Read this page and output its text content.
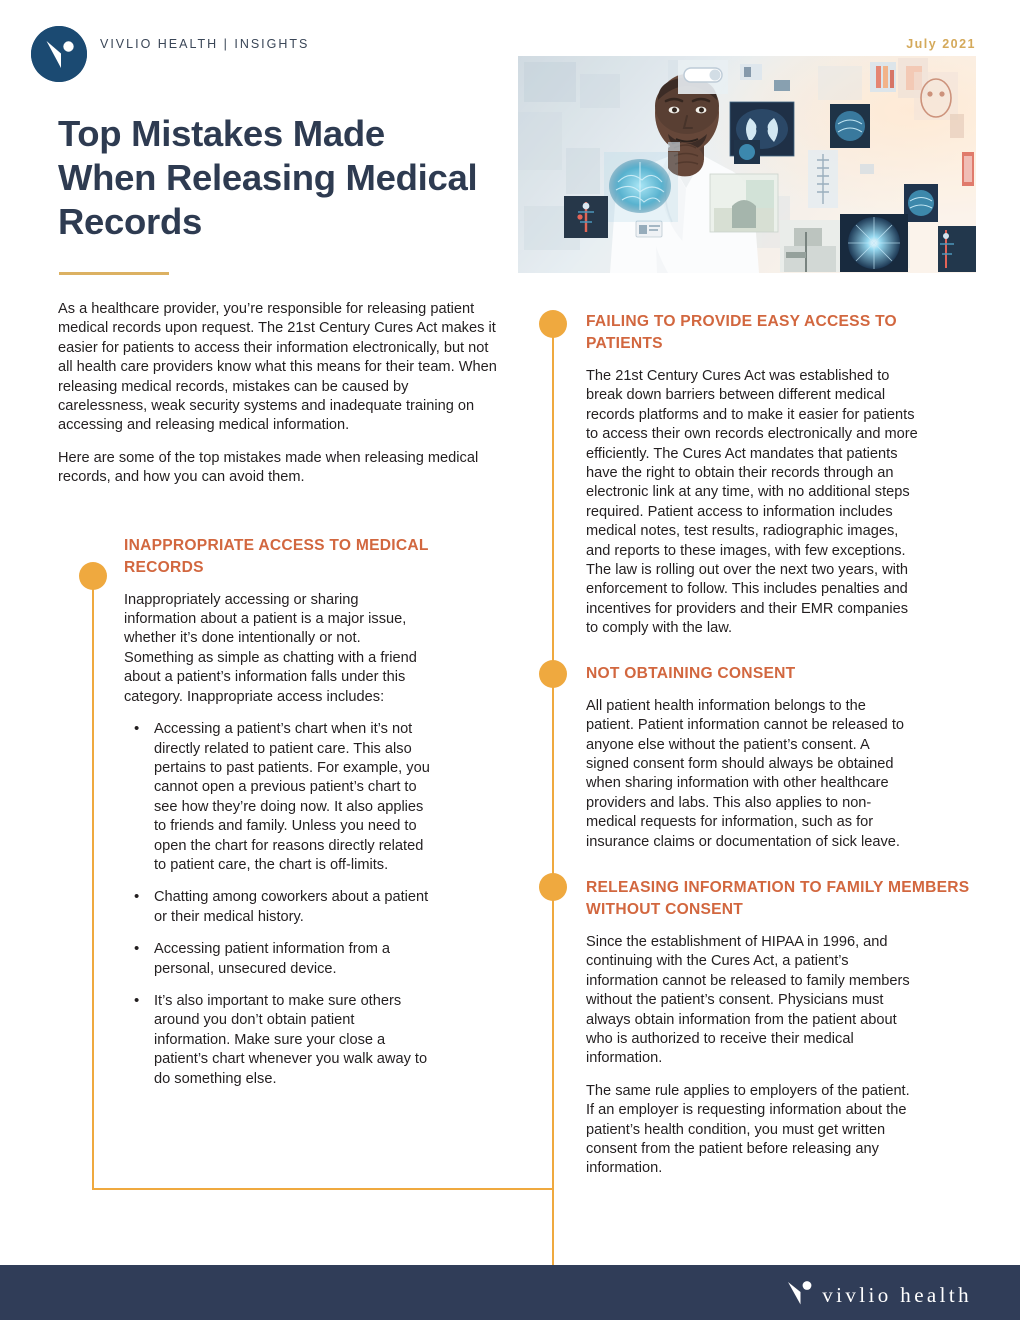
VIVLIO HEALTH | INSIGHTS	July 2021
Top Mistakes Made When Releasing Medical Records

As a healthcare provider, you’re responsible for releasing patient medical records upon request. The 21st Century Cures Act makes it easier for patients to access their information electronically, but not all health care providers know what this means for their team. When releasing medical records, mistakes can be caused by carelessness, weak security systems and inadequate training on accessing and releasing medical information.

Here are some of the top mistakes made when releasing medical records, and how you can avoid them.

INAPPROPRIATE ACCESS TO MEDICAL RECORDS

Inappropriately accessing or sharing information about a patient is a major issue, whether it’s done intentionally or not. Something as simple as chatting with a friend about a patient’s information falls under this category. Inappropriate access includes:

• Accessing a patient’s chart when it’s not directly related to patient care. This also pertains to past patients. For example, you cannot open a previous patient’s chart to see how they’re doing now. It also applies to friends and family. Unless you need to open the chart for reasons directly related to patient care, the chart is off-limits.
• Chatting among coworkers about a patient or their medical history.
• Accessing patient information from a personal, unsecured device.
• It’s also important to make sure others around you don’t obtain patient information. Make sure your close a patient’s chart whenever you walk away to do something else.
FAILING TO PROVIDE EASY ACCESS TO PATIENTS

The 21st Century Cures Act was established to break down barriers between different medical records platforms and to make it easier for patients to access their own records electronically and more efficiently. The Cures Act mandates that patients have the right to obtain their records through an electronic link at any time, with no additional steps required. Patient access to information includes medical notes, test results, radiographic images, and reports to these images, with few exceptions. The law is rolling out over the next two years, with enforcement to follow. This includes penalties and incentives for providers and their EMR companies to comply with the law.

NOT OBTAINING CONSENT

All patient health information belongs to the patient. Patient information cannot be released to anyone else without the patient’s consent. A signed consent form should always be obtained when sharing information with other healthcare providers and labs. This also applies to non-medical requests for information, such as for insurance claims or documentation of sick leave.

RELEASING INFORMATION TO FAMILY MEMBERS WITHOUT CONSENT

Since the establishment of HIPAA in 1996, and continuing with the Cures Act, a patient’s information cannot be released to family members without the patient’s consent. Physicians must always obtain information from the patient about who is authorized to receive their medical information.

The same rule applies to employers of the patient. If an employer is requesting information about the patient’s health condition, you must get written consent from the patient before releasing any information.

vivlio health
